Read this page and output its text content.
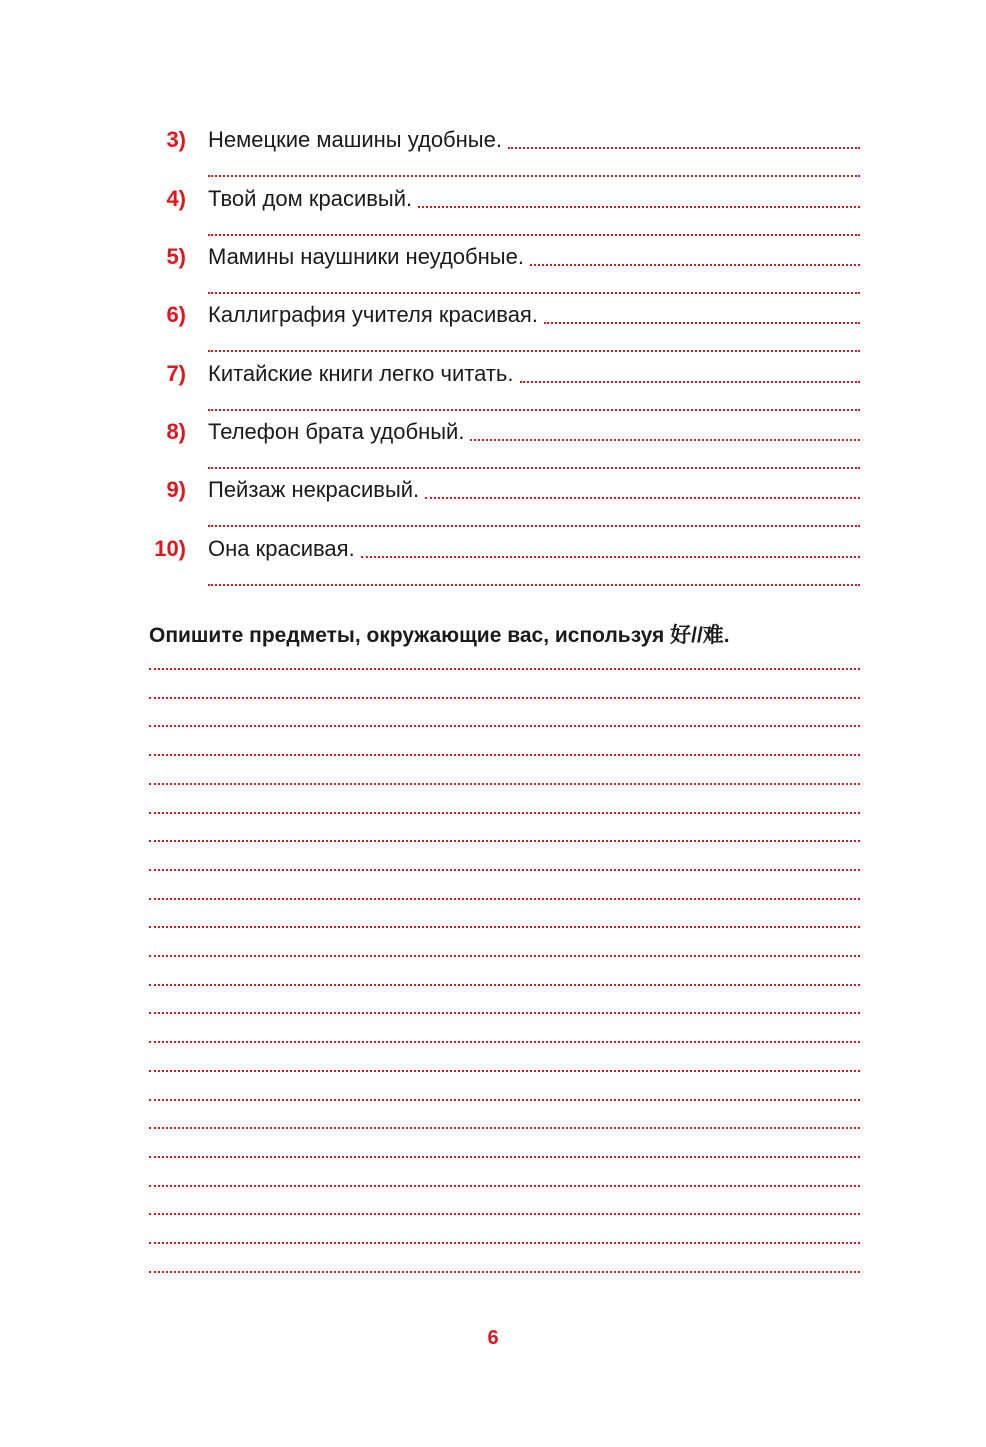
3) Немецкие машины удобные.
4) Твой дом красивый.
5) Мамины наушники неудобные.
6) Каллиграфия учителя красивая.
7) Китайские книги легко читать.
8) Телефон брата удобный.
9) Пейзаж некрасивый.
10) Она красивая.
Опишите предметы, окружающие вас, используя 好//难.
6
